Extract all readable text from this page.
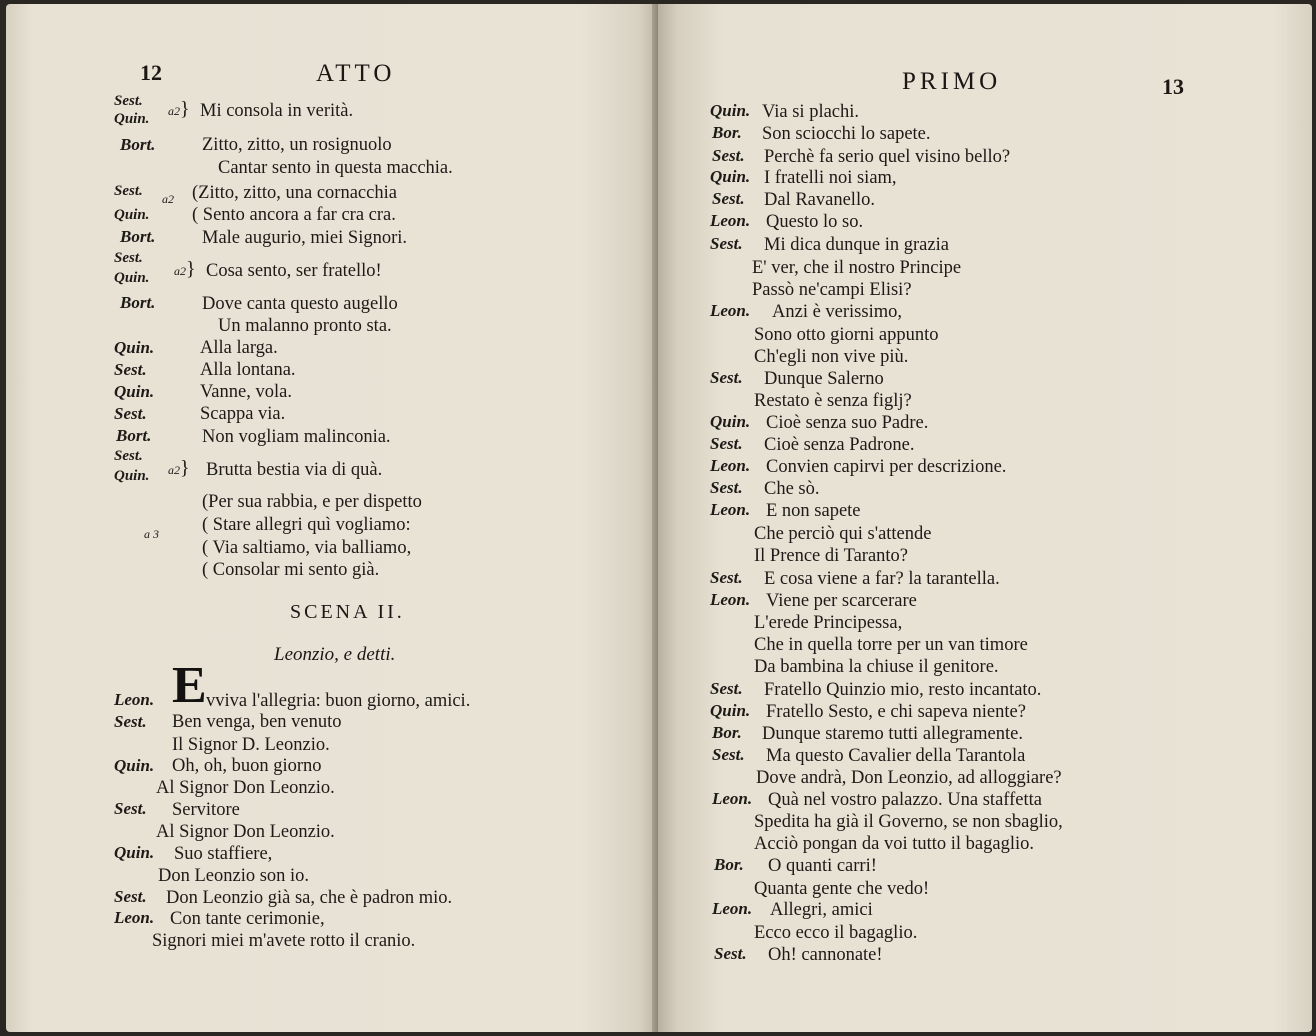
12	ATTO
Sest.
Quin. a2} Mi consola in verità.
Bort.	Zitto, zitto, un rosignuolo
Cantar sento in questa macchia.
Sest. a2 (Zitto, zitto, una cornacchia
Quin. ( Sento ancora a far cra cra.
Bort.	Male augurio, miei Signori.
Sest.
Quin. a2} Cosa sento, ser fratello!
Bort.	Dove canta questo augello
Un malanno pronto sta.
Quin. Alla larga.
Sest.	Alla lontana.
Quin. Vanne, vola.
Sest.	Scappa via.
Bort.	Non vogliam malinconia.
Sest.
Quin. a2} Brutta bestia via di quà.
(Per sua rabbia, e per dispetto
a 3 ( Stare allegri quì vogliamo:
( Via saltiamo, via balliamo,
( Consolar mi sento già.
SCENA II.
Leonzio, e detti.
Leon. E vviva l'allegria: buon giorno, amici.
Sest. Ben venga, ben venuto
Il Signor D. Leonzio.
Quin. Oh, oh, buon giorno
Al Signor Don Leonzio.
Sest. Servitore
Al Signor Don Leonzio.
Quin. Suo staffiere,
Don Leonzio son io.
Sest. Don Leonzio già sa, che è padron mio.
Leon. Con tante cerimonie,
Signori miei m'avete rotto il cranio.
PRIMO	13
Quin. Via si plachi.
Bor. Son sciocchi lo sapete.
Sest. Perchè fa serio quel visino bello?
Quin. I fratelli noi siam,
Sest. Dal Ravanello.
Leon. Questo lo so.
Sest. Mi dica dunque in grazia
E' ver, che il nostro Principe
Passò ne'campi Elisi?
Leon. Anzi è verissimo,
Sono otto giorni appunto
Ch'egli non vive più.
Sest. Dunque Salerno
Restato è senza figlj?
Quin. Cioè senza suo Padre.
Sest. Cioè senza Padrone.
Leon. Convien capirvi per descrizione.
Sest. Che sò.
Leon. E non sapete
Che perciò qui s'attende
Il Prence di Taranto?
Sest. E cosa viene a far? la tarantella.
Leon. Viene per scarcerare
L'erede Principessa,
Che in quella torre per un van timore
Da bambina la chiuse il genitore.
Sest. Fratello Quinzio mio, resto incantato.
Quin. Fratello Sesto, e chi sapeva niente?
Bor. Dunque staremo tutti allegramente.
Sest. Ma questo Cavalier della Tarantola
Dove andrà, Don Leonzio, ad alloggiare?
Leon. Quà nel vostro palazzo. Una staffetta
Spedita ha già il Governo, se non sbaglio,
Acciò pongan da voi tutto il bagaglio.
Bor. O quanti carri!
Quanta gente che vedo!
Leon. Allegri, amici
Ecco ecco il bagaglio.
Sest. Oh! cannonate!
